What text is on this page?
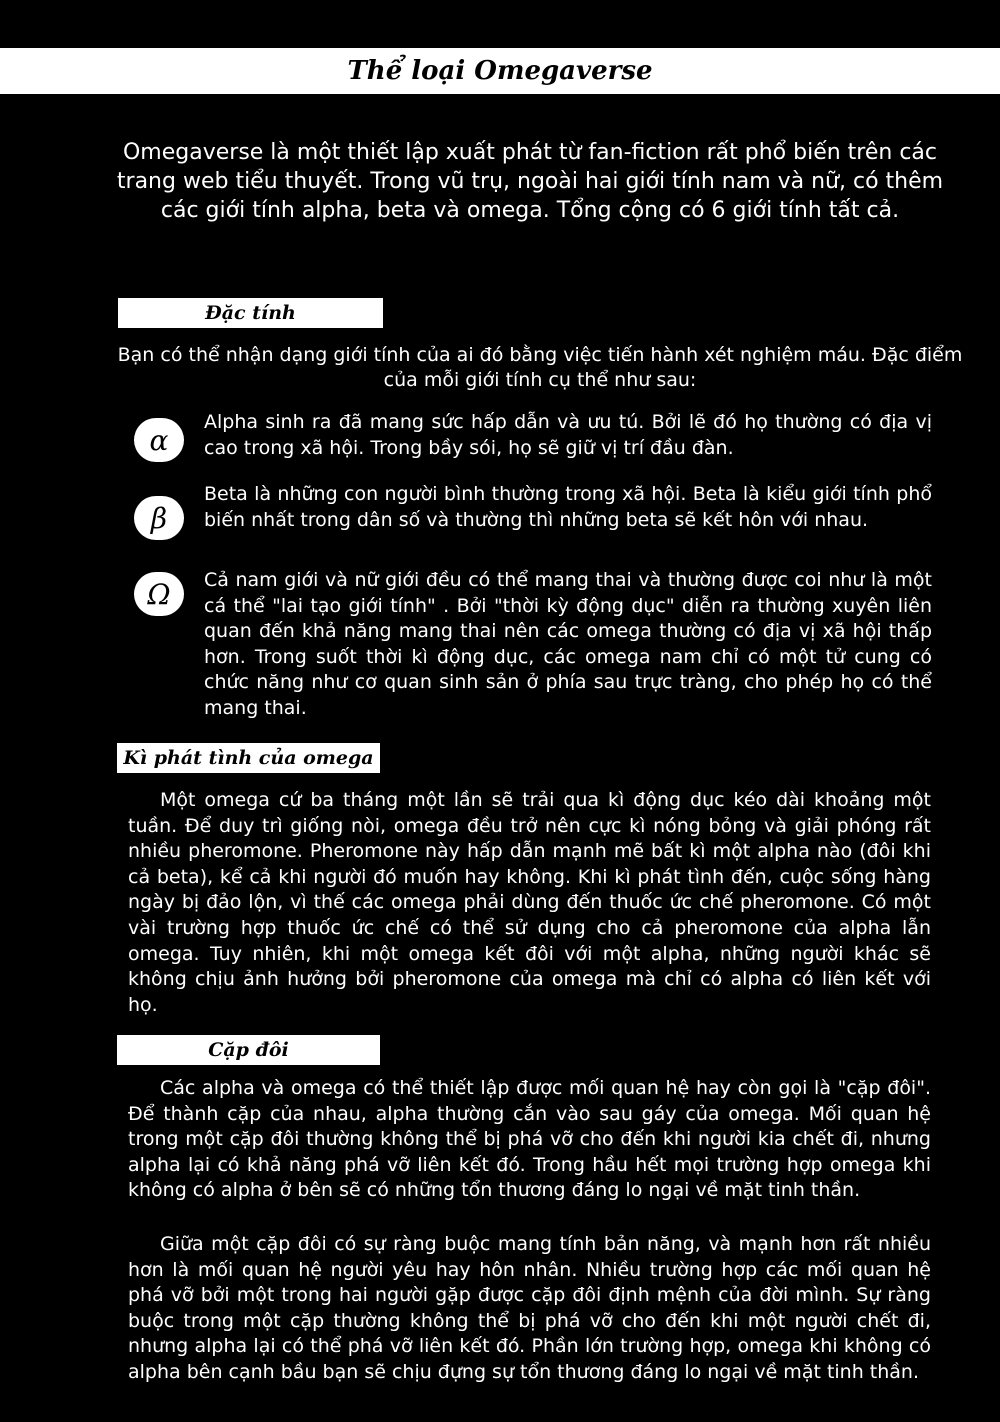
Thể loại Omegaverse
Omegaverse là một thiết lập xuất phát từ fan-fiction rất phổ biến trên các trang web tiểu thuyết. Trong vũ trụ, ngoài hai giới tính nam và nữ, có thêm các giới tính alpha, beta và omega. Tổng cộng có 6 giới tính tất cả.
Đặc tính
Bạn có thể nhận dạng giới tính của ai đó bằng việc tiến hành xét nghiệm máu. Đặc điểm của mỗi giới tính cụ thể như sau:
α
Alpha sinh ra đã mang sức hấp dẫn và ưu tú. Bởi lẽ đó họ thường có địa vị cao trong xã hội. Trong bầy sói, họ sẽ giữ vị trí đầu đàn.
β
Beta là những con người bình thường trong xã hội. Beta là kiểu giới tính phổ biến nhất trong dân số và thường thì những beta sẽ kết hôn với nhau.
Ω	Cả nam giới và nữ giới đều có thể mang thai và thường được coi như là một cá thể "lai tạo giới tính" . Bởi "thời kỳ động dục" diễn ra thường xuyên liên quan đến khả năng mang thai nên các omega thường có địa vị xã hội thấp hơn. Trong suốt thời kì động dục, các omega nam chỉ có một tử cung có chức năng như cơ quan sinh sản ở phía sau trực tràng, cho phép họ có thể mang thai.
Kì phát tình của omega
Một omega cứ ba tháng một lần sẽ trải qua kì động dục kéo dài khoảng một tuần. Để duy trì giống nòi, omega đều trở nên cực kì nóng bỏng và giải phóng rất nhiều pheromone. Pheromone này hấp dẫn mạnh mẽ bất kì một alpha nào (đôi khi cả beta), kể cả khi người đó muốn hay không. Khi kì phát tình đến, cuộc sống hàng ngày bị đảo lộn, vì thế các omega phải dùng đến thuốc ức chế pheromone. Có một vài trường hợp thuốc ức chế có thể sử dụng cho cả pheromone của alpha lẫn omega. Tuy nhiên, khi một omega kết đôi với một alpha, những người khác sẽ không chịu ảnh hưởng bởi pheromone của omega mà chỉ có alpha có liên kết với họ.
Cặp đôi
Các alpha và omega có thể thiết lập được mối quan hệ hay còn gọi là "cặp đôi". Để thành cặp của nhau, alpha thường cắn vào sau gáy của omega. Mối quan hệ trong một cặp đôi thường không thể bị phá vỡ cho đến khi người kia chết đi, nhưng alpha lại có khả năng phá vỡ liên kết đó. Trong hầu hết mọi trường hợp omega khi không có alpha ở bên sẽ có những tổn thương đáng lo ngại về mặt tinh thần.
Giữa một cặp đôi có sự ràng buộc mang tính bản năng, và mạnh hơn rất nhiều hơn là mối quan hệ người yêu hay hôn nhân. Nhiều trường hợp các mối quan hệ phá vỡ bởi một trong hai người gặp được cặp đôi định mệnh của đời mình. Sự ràng buộc trong một cặp thường không thể bị phá vỡ cho đến khi một người chết đi, nhưng alpha lại có thể phá vỡ liên kết đó. Phần lớn trường hợp, omega khi không có alpha bên cạnh bầu bạn sẽ chịu đựng sự tổn thương đáng lo ngại về mặt tinh thần.
